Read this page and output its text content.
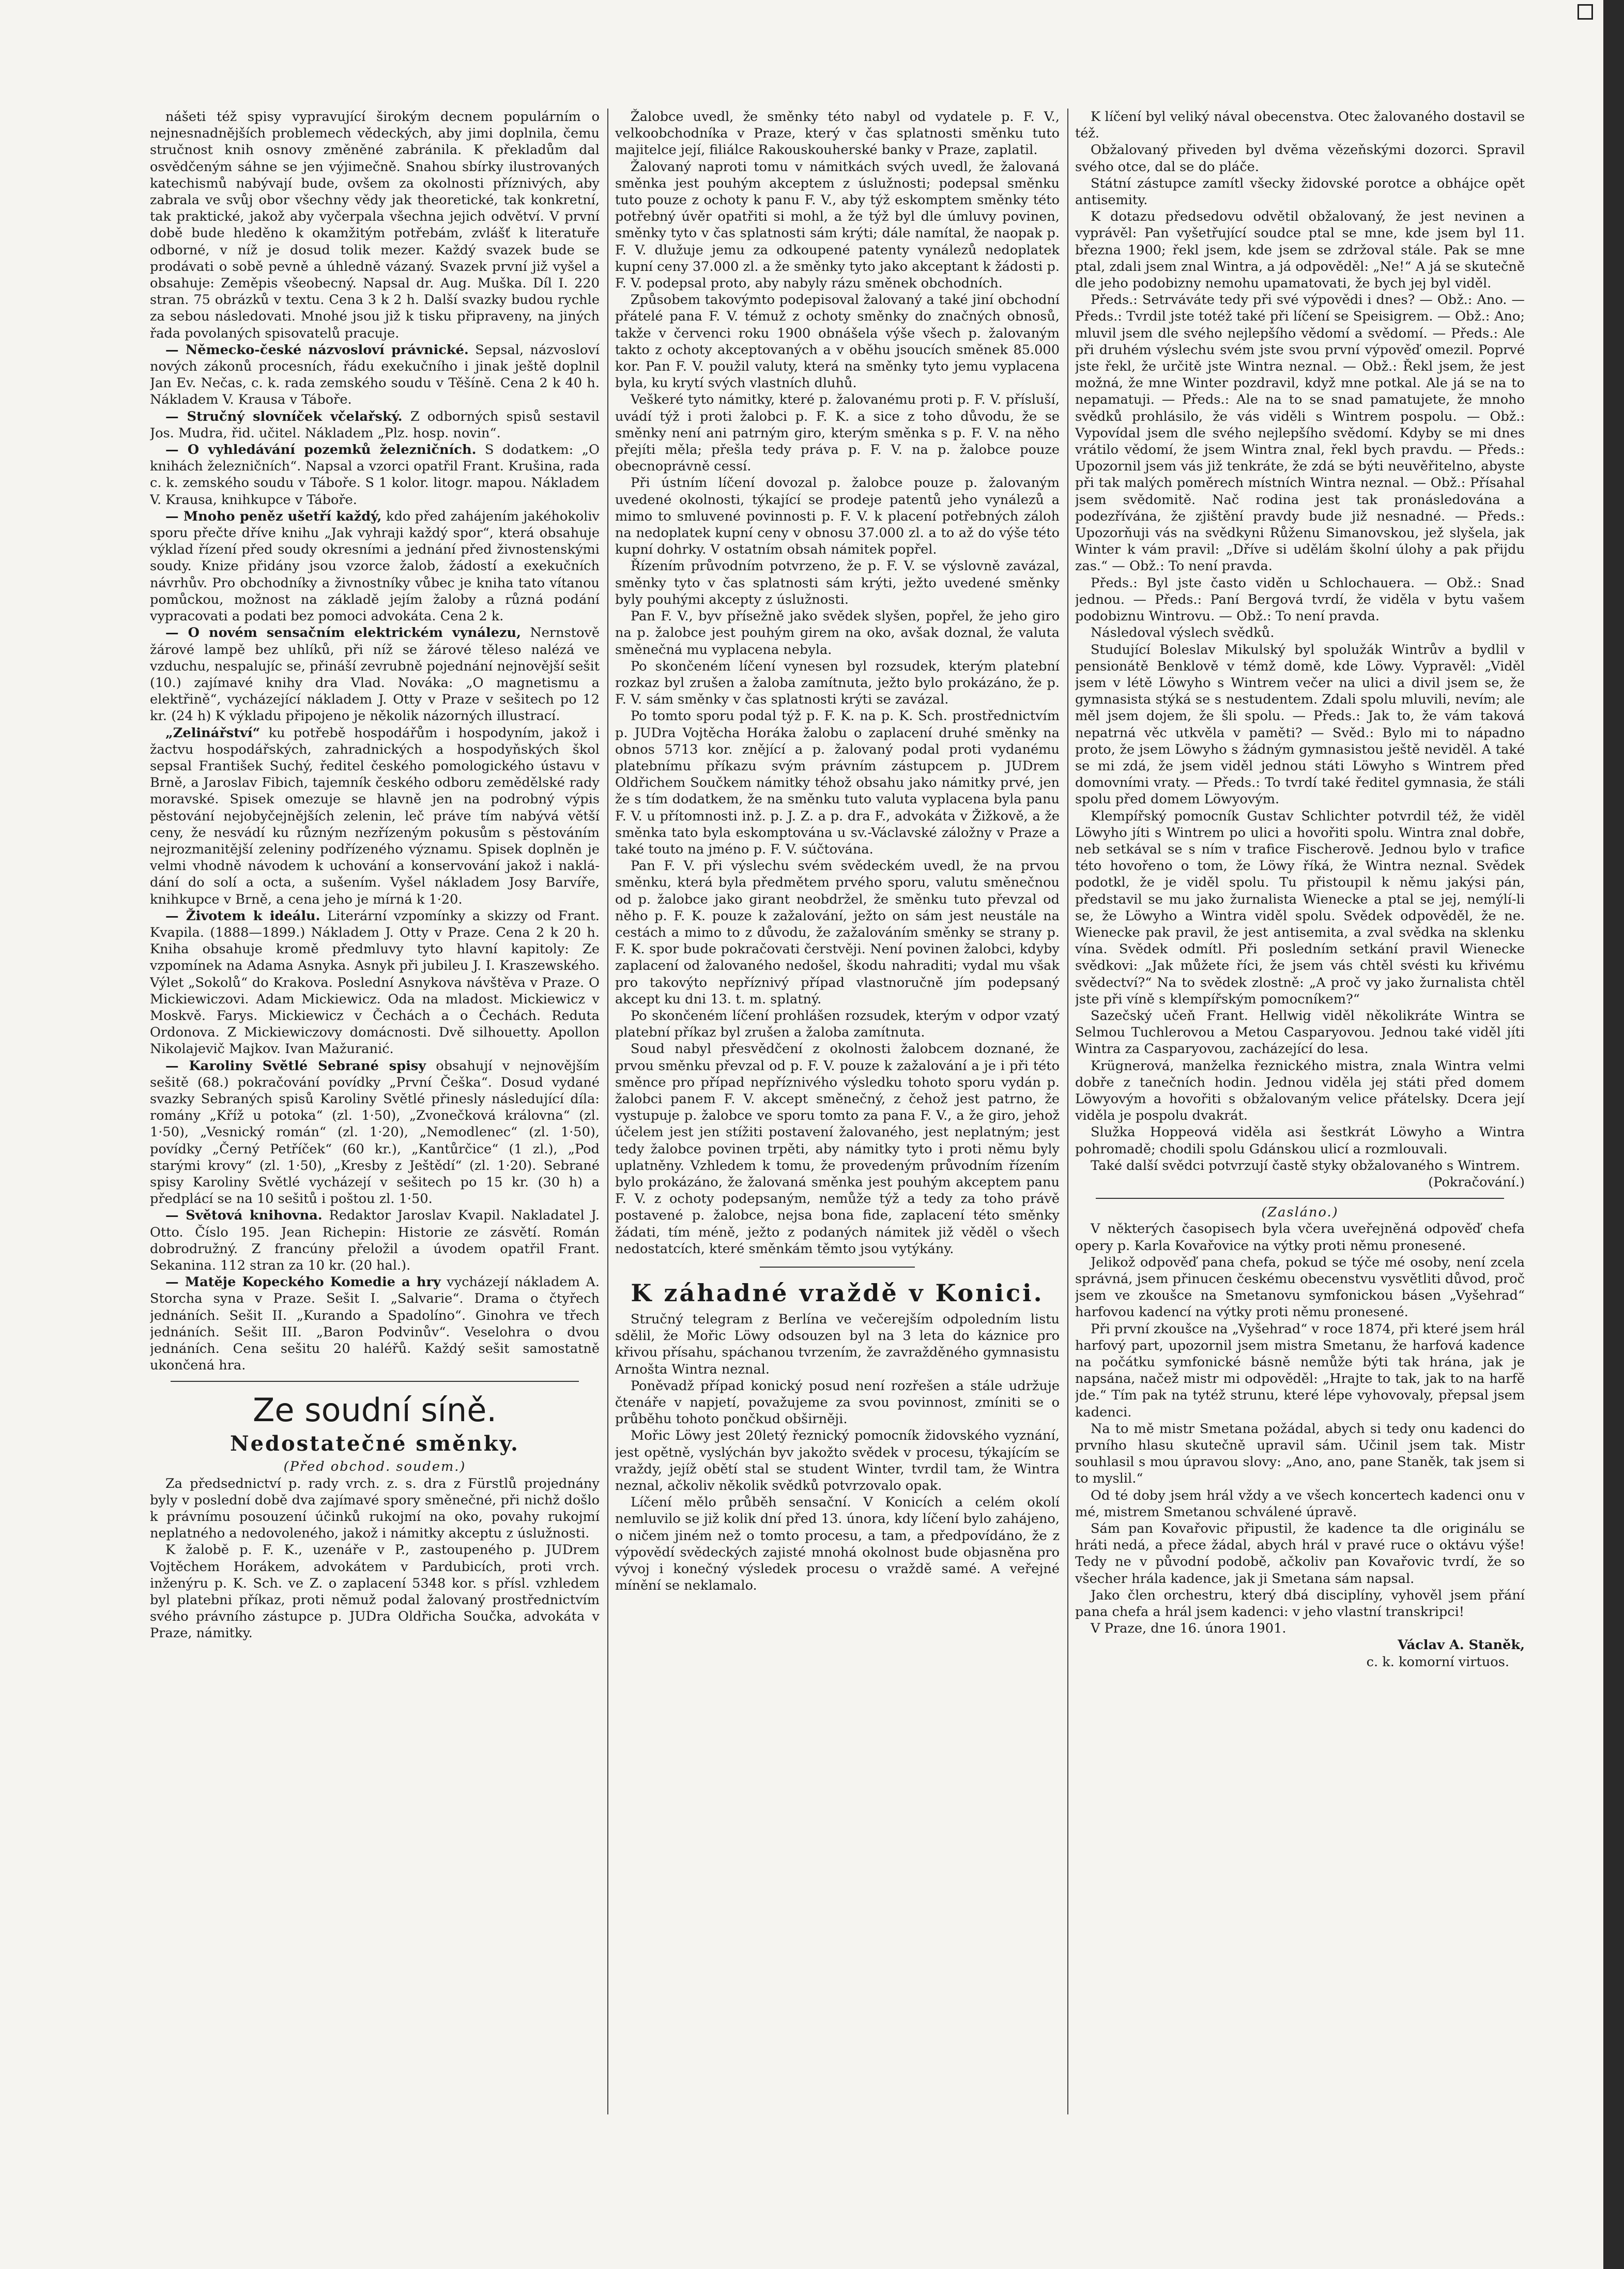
nášeti též spisy vypravující širokým decnem populárním o nejnesnadnějších problemech vědeckých, aby jimi doplnila, čemu stručnost knih osnovy změněné zabránila. K překladům dal osvědčeným sáhne se jen výjimečně. Snahou sbírky ilustrovaných katechismů nabývají bude, ovšem za okolnosti příznivých, aby zabrala ve svůj obor všechny vědy jak theoretické, tak konkretní, tak praktické, jakož aby vyčerpala všechna jejich odvětví. V první době bude hleděno k okamžitým potřebám, zvlášť k literatuře odborné, v níž je dosud tolik mezer. Každý svazek bude se prodávati o sobě pevně a úhledně vázaný. Svazek první již vyšel a obsahuje: Zeměpis všeobecný. Napsal dr. Aug. Muška. Díl I. 220 stran. 75 obrázků v textu. Cena 3 k 2 h. Další svazky budou rychle za sebou následovati. Mnohé jsou již k tisku připraveny, na jiných řada povolaných spisovatelů pracuje.

— Německo-české názvosloví právnické. Sepsal, názvosloví nových zákonů procesních, řádu exekučního i jinak ještě doplnil Jan Ev. Nečas, c. k. rada zemského soudu v Těšíně. Cena 2 k 40 h. Nákladem V. Krausa v Táboře.

— Stručný slovníček včelařský. Z odborných spisů sestavil Jos. Mudra, řid. učitel. Nákladem „Plz. hosp. novin“.

— O vyhledávání pozemků železničních. S dodatkem: „O knihách železničních“. Napsal a vzorci opatřil Frant. Krušina, rada c. k. zemského soudu v Táboře. S 1 kolor. litogr. mapou. Nákladem V. Krausa, knihkupce v Táboře.

— Mnoho peněz ušetří každý, kdo před zahájením jakéhokoliv sporu přečte dříve knihu „Jak vyhraji každý spor“, která obsahuje výklad řízení před soudy okresními a jednání před živnostenskými soudy. Knize přidány jsou vzorce žalob, žádostí a exekučních návrhův. Pro obchodníky a živnostníky vůbec je kniha tato vítanou pomůckou, možnost na základě jejím žaloby a různá podání vypracovati a podati bez pomoci advokáta. Cena 2 k.

— O novém sensačním elektrickém vynálezu, Nernstově žárové lampě bez uhlíků, při níž se žárové těleso nalézá ve vzduchu, nespalujíc se, přináší zevrubně pojednání nejnovější sešit (10.) zajímavé knihy dra Vlad. Nováka: „O magnetismu a elektřině“, vycházející nákladem J. Otty v Praze v sešitech po 12 kr. (24 h) K výkladu připojeno je několik názorných illustrací.

„Zelinářství“ ku potřebě hospodářům i hospodyním, jakož i žactvu hospodářských, zahradnických a hospodyňských škol sepsal František Suchý, ředitel českého pomologického ústavu v Brně, a Jaroslav Fibich, tajemník českého odboru zemědělské rady moravské. Spisek omezuje se hlavně jen na podrobný výpis pěstování nejobyčejnějších zelenin, leč práve tím nabývá větší ceny, že nesvádí ku různým nezřízeným pokusům s pěstováním nejrozmanitější zeleniny podřízeného významu. Spisek doplněn je velmi vhodně návodem k uchování a konservování jakož i nakládání do solí a octa, a sušením. Vyšel nákladem Josy Barvíře, knihkupce v Brně, a cena jeho je mírná k 1·20.

— Životem k ideálu. Literární vzpomínky a skizzy od Frant. Kvapila. (1888—1899.) Nákladem J. Otty v Praze. Cena 2 k 20 h. Kniha obsahuje kromě předmluvy tyto hlavní kapitoly: Ze vzpomínek na Adama Asnyka. Asnyk při jubileu J. I. Kraszewského. Výlet „Sokolů“ do Krakova. Poslední Asnykova návštěva v Praze. O Mickiewiczovi. Adam Mickiewicz. Oda na mladost. Mickiewicz v Moskvě. Farys. Mickiewicz v Čechách a o Čechách. Reduta Ordonova. Z Mickiewiczovy domácnosti. Dvě silhouetty. Apollon Nikolajevič Majkov. Ivan Mažuranić.

— Karoliny Světlé Sebrané spisy obsahují v nejnovějším sešitě (68.) pokračování povídky „První Češka“. Dosud vydané svazky Sebraných spisů Karoliny Světlé přinesly následující díla: romány „Kříž u potoka“ (zl. 1·50), „Zvonečková královna“ (zl. 1·50), „Vesnický román“ (zl. 1·20), „Nemodlenec“ (zl. 1·50), povídky „Černý Petříček“ (60 kr.), „Kantůrčice“ (1 zl.), „Pod starými krovy“ (zl. 1·50), „Kresby z Ještědí“ (zl. 1·20). Sebrané spisy Karoliny Světlé vycházejí v sešitech po 15 kr. (30 h) a předplácí se na 10 sešitů i poštou zl. 1·50.

— Světová knihovna. Redaktor Jaroslav Kvapil. Nakladatel J. Otto. Číslo 195. Jean Richepin: Historie ze zásvětí. Román dobrodružný. Z francúny přeložil a úvodem opatřil Frant. Sekanina. 112 stran za 10 kr. (20 hal.).

— Matěje Kopeckého Komedie a hry vycházejí nákladem A. Storcha syna v Praze. Sešit I. „Salvarie“. Drama o čtyřech jednáních. Sešit II. „Kurando a Spadolíno“. Ginohra ve třech jednáních. Sešit III. „Baron Podvinův“. Veselohra o dvou jednáních. Cena sešitu 20 haléřů. Každý sešit samostatně ukončená hra.

Ze soudní síně.

Nedostatečné směnky.

(Před obchod. soudem.)

Za předsednictví p. rady vrch. z. s. dra z Fürstlů projednány byly v poslední době dva zajímavé spory směnečné, při nichž došlo k právnímu posouzení účinků rukojmí na oko, povahy rukojmí neplatného a nedovoleného, jakož i námitky akceptu z úslužnosti.

K žalobě p. F. K., uzenáře v P., zastoupeného p. JUDrem Vojtěchem Horákem, advokátem v Pardubicích, proti vrch. inženýru p. K. Sch. ve Z. o zaplacení 5348 kor. s přísl. vzhledem byl platebni příkaz, proti němuž podal žalovaný prostřednictvím svého právního zástupce p. JUDra Oldřicha Součka, advokáta v Praze, námitky.

Žalobce uvedl, že směnky této nabyl od vydatele p. F. V., velkoobchodníka v Praze, který v čas splatnosti směnku tuto majitelce její, filiálce Rakouskouherské banky v Praze, zaplatil.

Žalovaný naproti tomu v námitkách svých uvedl, že žalovaná směnka jest pouhým akceptem z úslužnosti; podepsal směnku tuto pouze z ochoty k panu F. V., aby týž eskomptem směnky této potřebný úvěr opatřiti si mohl, a že týž byl dle úmluvy povinen, směnky tyto v čas splatnosti sám krýti; dále namítal, že naopak p. F. V. dlužuje jemu za odkoupené patenty vynálezů nedoplatek kupní ceny 37.000 zl. a že směnky tyto jako akceptant k žádosti p. F. V. podepsal proto, aby nabyly rázu směnek obchodních.

Způsobem takovýmto podepisoval žalovaný a také jiní obchodní přátelé pana F. V. témuž z ochoty směnky do značných obnosů, takže v červenci roku 1900 obnášela výše všech p. žalovaným takto z ochoty akceptovaných a v oběhu jsoucích směnek 85.000 kor. Pan F. V. použil valuty, která na směnky tyto jemu vyplacena byla, ku krytí svých vlastních dluhů.

Veškeré tyto námitky, které p. žalovanému proti p. F. V. přísluší, uvádí týž i proti žalobci p. F. K. a sice z toho důvodu, že se směnky není ani patrným giro, kterým směnka s p. F. V. na něho přejíti měla; přešla tedy práva p. F. V. na p. žalobce pouze obecnoprávně cessí.

Při ústním líčení dovozal p. žalobce pouze p. žalovaným uvedené okolnosti, týkající se prodeje patentů jeho vynálezů a mimo to smluvené povinnosti p. F. V. k placení potřebných záloh na nedoplatek kupní ceny v obnosu 37.000 zl. a to až do výše této kupní dohrky. V ostatním obsah námitek popřel.

Řízením průvodním potvrzeno, že p. F. V. se výslovně zavázal, směnky tyto v čas splatnosti sám krýti, ježto uvedené směnky byly pouhými akcepty z úslužnosti.

Pan F. V., byv přísežně jako svědek slyšen, popřel, že jeho giro na p. žalobce jest pouhým girem na oko, avšak doznal, že valuta směnečná mu vyplacena nebyla.

Po skončeném líčení vynesen byl rozsudek, kterým platební rozkaz byl zrušen a žaloba zamítnuta, ježto bylo prokázáno, že p. F. V. sám směnky v čas splatnosti krýti se zavázal.

Po tomto sporu podal týž p. F. K. na p. K. Sch. prostřednictvím p. JUDra Vojtěcha Horáka žalobu o zaplacení druhé směnky na obnos 5713 kor. znějící a p. žalovaný podal proti vydanému platebnímu příkazu svým právním zástupcem p. JUDrem Oldřichem Součkem námitky téhož obsahu jako námitky prvé, jen že s tím dodatkem, že na směnku tuto valuta vyplacena byla panu F. V. u přítomnosti inž. p. J. Z. a p. dra F., advokáta v Žižkově, a že směnka tato byla eskomptována u sv.-Václavské záložny v Praze a také touto na jméno p. F. V. súčtována.

Pan F. V. při výslechu svém svědeckém uvedl, že na prvou směnku, která byla předmětem prvého sporu, valutu směnečnou od p. žalobce jako girant neobdržel, že směnku tuto převzal od něho p. F. K. pouze k zažalování, ježto on sám jest neustále na cestách a mimo to z důvodu, že zažalováním směnky se strany p. F. K. spor bude pokračovati čerstvěji. Není povinen žalobci, kdyby zaplacení od žalovaného nedošel, škodu nahraditi; vydal mu však pro takovýto nepříznivý případ vlastnoručně jím podepsaný akcept ku dni 13. t. m. splatný.

Po skončeném líčení prohlášen rozsudek, kterým v odpor vzatý platební příkaz byl zrušen a žaloba zamítnuta.

Soud nabyl přesvědčení z okolnosti žalobcem doznané, že prvou směnku převzal od p. F. V. pouze k zažalování a je i při této směnce pro případ nepříznivého výsledku tohoto sporu vydán p. žalobci panem F. V. akcept směnečný, z čehož jest patrno, že vystupuje p. žalobce ve sporu tomto za pana F. V., a že giro, jehož účelem jest jen stížiti postavení žalovaného, jest neplatným; jest tedy žalobce povinen trpěti, aby námitky tyto i proti němu byly uplatněny. Vzhledem k tomu, že provedeným průvodním řízením bylo prokázáno, že žalovaná směnka jest pouhým akceptem panu F. V. z ochoty podepsaným, nemůže týž a tedy za toho právě postavené p. žalobce, nejsa bona fide, zaplacení této směnky žádati, tím méně, ježto z podaných námitek již věděl o všech nedostatcích, které směnkám těmto jsou vytýkány.

K záhadné vraždě v Konici.

Stručný telegram z Berlína ve večerejším odpoledním listu sdělil, že Mořic Löwy odsouzen byl na 3 leta do káznice pro křivou přísahu, spáchanou tvrzením, že zavražděného gymnasistu Arnošta Wintra neznal.

Poněvadž případ konický posud není rozřešen a stále udržuje čtenáře v napjetí, považujeme za svou povinnost, zmíniti se o průběhu tohoto pončkud obširněji.

Mořic Löwy jest 20letý řeznický pomocník židovského vyznání, jest opětně, vyslýchán byv jakožto svědek v procesu, týkajícím se vraždy, jejíž obětí stal se student Winter, tvrdil tam, že Wintra neznal, ačkoliv několik svědků potvrzovalo opak.

Líčení mělo průběh sensační. V Konicích a celém okolí nemluvilo se již kolik dní před 13. února, kdy líčení bylo zahájeno, o ničem jiném než o tomto procesu, a tam, a předpovídáno, že z výpovědí svědeckých zajisté mnohá okolnost bude objasněna pro vývoj i konečný výsledek procesu o vraždě samé. A veřejné mínění se neklamalo.

K líčení byl veliký nával obecenstva. Otec žalovaného dostavil se též.

Obžalovaný přiveden byl dvěma vězeňskými dozorci. Spravil svého otce, dal se do pláče.

Státní zástupce zamítl všecky židovské porotce a obhájce opět antisemity.

K dotazu předsedovu odvětil obžalovaný, že jest nevinen a vyprávěl: Pan vyšetřující soudce ptal se mne, kde jsem byl 11. března 1900; řekl jsem, kde jsem se zdržoval stále. Pak se mne ptal, zdali jsem znal Wintra, a já odpověděl: „Ne!“ A já se skutečně dle jeho podobizny nemohu upamatovati, že bych jej byl viděl.

Předs.: Setrváváte tedy při své výpovědi i dnes? — Obž.: Ano. — Předs.: Tvrdil jste totéž také při líčení se Speisigrem. — Obž.: Ano; mluvil jsem dle svého nejlepšího vědomí a svědomí. — Předs.: Ale při druhém výslechu svém jste svou první výpověď omezil. Poprvé jste řekl, že určitě jste Wintra neznal. — Obž.: Řekl jsem, že jest možná, že mne Winter pozdravil, když mne potkal. Ale já se na to nepamatuji. — Předs.: Ale na to se snad pamatujete, že mnoho svědků prohlásilo, že vás viděli s Wintrem pospolu. — Obž.: Vypovídal jsem dle svého nejlepšího svědomí. Kdyby se mi dnes vrátilo vědomí, že jsem Wintra znal, řekl bych pravdu. — Předs.: Upozornil jsem vás již tenkráte, že zdá se býti neuvěřitelno, abyste při tak malých poměrech místních Wintra neznal. — Obž.: Přísahal jsem svědomitě. Nač rodina jest tak pronásledována a podezřívána, že zjištění pravdy bude již nesnadné. — Předs.: Upozorňuji vás na svědkyni Růženu Simanovskou, jež slyšela, jak Winter k vám pravil: „Dříve si udělám školní úlohy a pak přijdu zas.“ — Obž.: To není pravda.

Předs.: Byl jste často viděn u Schlochauera. — Obž.: Snad jednou. — Předs.: Paní Bergová tvrdí, že viděla v bytu vašem podobiznu Wintrovu. — Obž.: To není pravda.

Následoval výslech svědků.

Studující Boleslav Mikulský byl spolužák Wintrův a bydlil v pensionátě Benklově v témž domě, kde Löwy. Vypravěl: „Viděl jsem v létě Löwyho s Wintrem večer na ulici a divil jsem se, že gymnasista stýká se s nestudentem. Zdali spolu mluvili, nevím; ale měl jsem dojem, že šli spolu. — Předs.: Jak to, že vám taková nepatrná věc utkvěla v paměti? — Svěd.: Bylo mi to nápadno proto, že jsem Löwyho s žádným gymnasistou ještě neviděl. A také se mi zdá, že jsem viděl jednou státi Löwyho s Wintrem před domovními vraty. — Předs.: To tvrdí také ředitel gymnasia, že stáli spolu před domem Löwyovým.

Klempířský pomocník Gustav Schlichter potvrdil též, že viděl Löwyho jíti s Wintrem po ulici a hovořiti spolu. Wintra znal dobře, neb setkával se s ním v trafice Fischerově. Jednou bylo v trafice této hovořeno o tom, že Löwy říká, že Wintra neznal. Svědek podotkl, že je viděl spolu. Tu přistoupil k němu jakýsi pán, představil se mu jako žurnalista Wienecke a ptal se jej, nemýlí-li se, že Löwyho a Wintra viděl spolu. Svědek odpověděl, že ne. Wienecke pak pravil, že jest antisemita, a zval svědka na sklenku vína. Svědek odmítl. Při posledním setkání pravil Wienecke svědkovi: „Jak můžete říci, že jsem vás chtěl svésti ku křivému svědectví?“ Na to svědek zlostně: „A proč vy jako žurnalista chtěl jste při víně s klempířským pomocníkem?“

Sazečský učeň Frant. Hellwig viděl několikráte Wintra se Selmou Tuchlerovou a Metou Casparyovou. Jednou také viděl jíti Wintra za Casparyovou, zacházející do lesa.

Krügnerová, manželka řeznického mistra, znala Wintra velmi dobře z tanečních hodin. Jednou viděla jej státi před domem Löwyovým a hovořiti s obžalovaným velice přátelsky. Dcera její viděla je pospolu dvakrát.

Služka Hoppeová viděla asi šestkrát Löwyho a Wintra pohromadě; chodili spolu Gdánskou ulicí a rozmlouvali.

Také další svědci potvrzují častě styky obžalovaného s Wintrem.

(Pokračování.)

(Zasláno.)

V některých časopisech byla včera uveřejněná odpověď chefa opery p. Karla Kovařovice na výtky proti němu pronesené.

Jelikož odpověď pana chefa, pokud se týče mé osoby, není zcela správná, jsem přinucen českému obecenstvu vysvětliti důvod, proč jsem ve zkoušce na Smetanovu symfonickou básen „Vyšehrad“ harfovou kadencí na výtky proti němu pronesené.

Při první zkoušce na „Vyšehrad“ v roce 1874, při které jsem hrál harfový part, upozornil jsem mistra Smetanu, že harfová kadence na počátku symfonické básně nemůže býti tak hrána, jak je napsána, načež mistr mi odpověděl: „Hrajte to tak, jak to na harfě jde.“ Tím pak na tytéž strunu, které lépe vyhovovaly, přepsal jsem kadenci.

Na to mě mistr Smetana požádal, abych si tedy onu kadenci do prvního hlasu skutečně upravil sám. Učinil jsem tak. Mistr souhlasil s mou úpravou slovy: „Ano, ano, pane Staněk, tak jsem si to myslil.“

Od té doby jsem hrál vždy a ve všech koncertech kadenci onu v mé, mistrem Smetanou schválené úpravě.

Sám pan Kovařovic připustil, že kadence ta dle originálu se hráti nedá, a přece žádal, abych hrál v pravé ruce o oktávu výše! Tedy ne v původní podobě, ačkoliv pan Kovařovic tvrdí, že so všecher hrála kadence, jak ji Smetana sám napsal.

Jako člen orchestru, který dbá disciplíny, vyhověl jsem přání pana chefa a hrál jsem kadenci: v jeho vlastní transkripci!

V Praze, dne 16. února 1901.

Václav A. Staněk,

c. k. komorní virtuos.
